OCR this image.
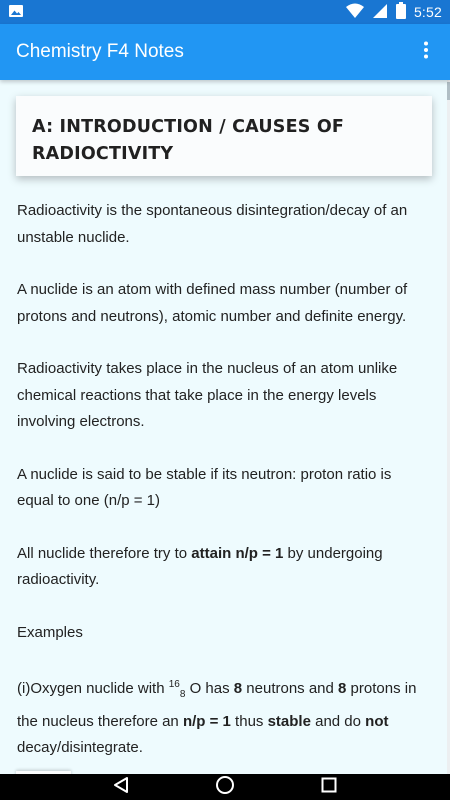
5:52
Chemistry F4 Notes
A: INTRODUCTION / CAUSES OF RADIOCTIVITY

Radioactivity is the spontaneous disintegration/decay of an unstable nuclide.

A nuclide is an atom with defined mass number (number of protons and neutrons), atomic number and definite energy.

Radioactivity takes place in the nucleus of an atom unlike chemical reactions that take place in the energy levels involving electrons.

A nuclide is said to be stable if its neutron: proton ratio is equal to one (n/p = 1)

All nuclide therefore try to attain n/p = 1 by undergoing radioactivity.

Examples

(i)Oxygen nuclide with $^{16}_8$ O has 8 neutrons and 8 protons in the nucleus therefore an n/p = 1 thus stable and do not decay/disintegrate.
